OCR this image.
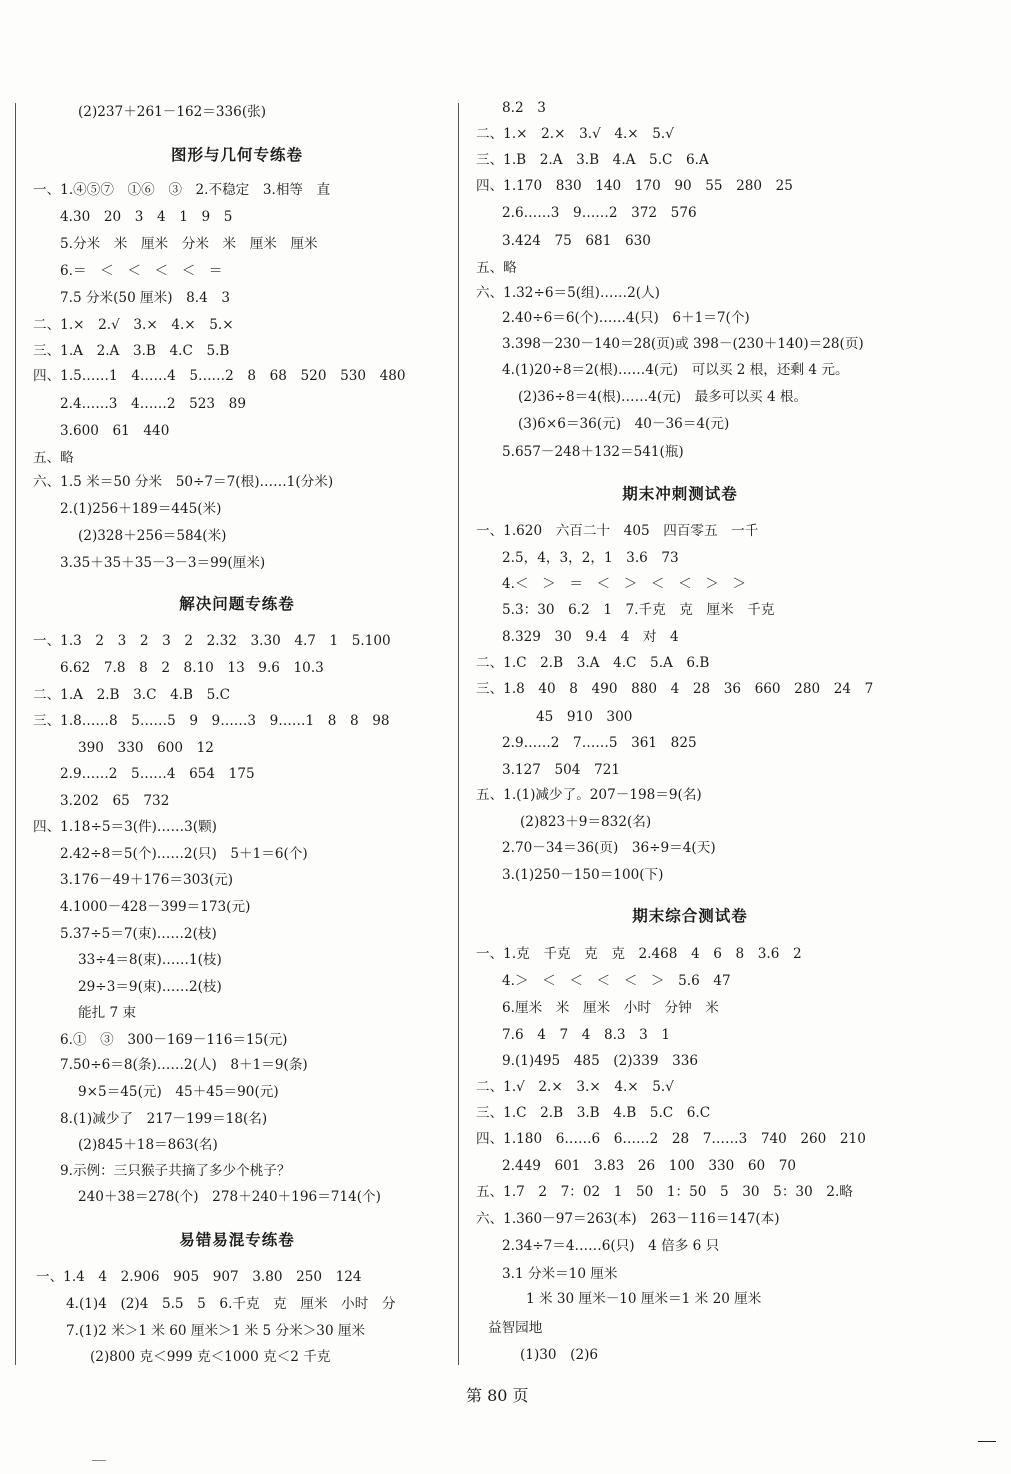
(2)237＋261－162＝336(张)
图形与几何专练卷
一、1.④⑤⑦　①⑥　③　2.不稳定　3.相等　直
4.30　20　3　4　1　9　5
5.分米　米　厘米　分米　米　厘米　厘米
6.＝　＜　＜　＜　＜　＝
7.5 分米(50 厘米)　8.4　3
二、1.×　2.√　3.×　4.×　5.×
三、1.A　2.A　3.B　4.C　5.B
四、1.5……1　4……4　5……2　8　68　520　530　480
2.4……3　4……2　523　89
3.600　61　440
五、略
六、1.5 米＝50 分米　50÷7＝7(根)……1(分米)
2.(1)256＋189＝445(米)
(2)328＋256＝584(米)
3.35＋35＋35－3－3＝99(厘米)
解决问题专练卷
一、1.3　2　3　2　3　2　2.32　3.30　4.7　1　5.100
6.62　7.8　8　2　8.10　13　9.6　10.3
二、1.A　2.B　3.C　4.B　5.C
三、1.8……8　5……5　9　9……3　9……1　8　8　98
390　330　600　12
2.9……2　5……4　654　175
3.202　65　732
四、1.18÷5＝3(件)……3(颗)
2.42÷8＝5(个)……2(只)　5＋1＝6(个)
3.176－49＋176＝303(元)
4.1000－428－399＝173(元)
5.37÷5＝7(束)……2(枝)
33÷4＝8(束)……1(枝)
29÷3＝9(束)……2(枝)
能扎 7 束
6.①　③　300－169－116＝15(元)
7.50÷6＝8(条)……2(人)　8＋1＝9(条)
9×5＝45(元)　45＋45＝90(元)
8.(1)减少了　217－199＝18(名)
(2)845＋18＝863(名)
9.示例：三只猴子共摘了多少个桃子？
240＋38＝278(个)　278＋240＋196＝714(个)
易错易混专练卷
一、1.4　4　2.906　905　907　3.80　250　124
4.(1)4　(2)4　5.5　5　6.千克　克　厘米　小时　分
7.(1)2 米＞1 米 60 厘米＞1 米 5 分米＞30 厘米
(2)800 克＜999 克＜1000 克＜2 千克
8.2　3
二、1.×　2.×　3.√　4.×　5.√
三、1.B　2.A　3.B　4.A　5.C　6.A
四、1.170　830　140　170　90　55　280　25
2.6……3　9……2　372　576
3.424　75　681　630
五、略
六、1.32÷6＝5(组)……2(人)
2.40÷6＝6(个)……4(只)　6＋1＝7(个)
3.398－230－140＝28(页)或 398－(230＋140)＝28(页)
4.(1)20÷8＝2(根)……4(元)　可以买 2 根，还剩 4 元。
(2)36÷8＝4(根)……4(元)　最多可以买 4 根。
(3)6×6＝36(元)　40－36＝4(元)
5.657－248＋132＝541(瓶)
期末冲刺测试卷
一、1.620　六百二十　405　四百零五　一千
2.5，4，3，2，1　3.6　73
4.＜　＞　＝　＜　＞　＜　＜　＞　＞
5.3：30　6.2　1　7.千克　克　厘米　千克
8.329　30　9.4　4　对　4
二、1.C　2.B　3.A　4.C　5.A　6.B
三、1.8　40　8　490　880　4　28　36　660　280　24　7
45　910　300
2.9……2　7……5　361　825
3.127　504　721
五、1.(1)减少了。207－198＝9(名)
(2)823＋9＝832(名)
2.70－34＝36(页)　36÷9＝4(天)
3.(1)250－150＝100(下)
期末综合测试卷
一、1.克　千克　克　克　2.468　4　6　8　3.6　2
4.＞　＜　＜　＜　＜　＞　5.6　47
6.厘米　米　厘米　小时　分钟　米
7.6　4　7　4　8.3　3　1
9.(1)495　485　(2)339　336
二、1.√　2.×　3.×　4.×　5.√
三、1.C　2.B　3.B　4.B　5.C　6.C
四、1.180　6……6　6……2　28　7……3　740　260　210
2.449　601　3.83　26　100　330　60　70
五、1.7　2　7：02　1　50　1：50　5　30　5：30　2.略
六、1.360－97＝263(本)　263－116＝147(本)
2.34÷7＝4……6(只)　4 倍多 6 只
3.1 分米＝10 厘米
1 米 30 厘米－10 厘米＝1 米 20 厘米
益智园地
(1)30　(2)6
第 80 页
